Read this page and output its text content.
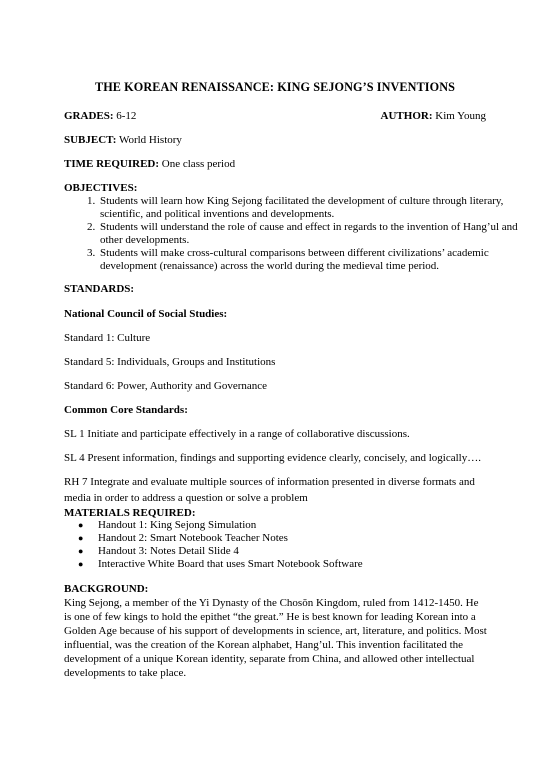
THE KOREAN RENAISSANCE: KING SEJONG’S INVENTIONS
GRADES: 6-12	AUTHOR: Kim Young
SUBJECT: World History
TIME REQUIRED: One class period
OBJECTIVES:
1. Students will learn how King Sejong facilitated the development of culture through literary, scientific, and political inventions and developments.
2. Students will understand the role of cause and effect in regards to the invention of Hang’ul and other developments.
3. Students will make cross-cultural comparisons between different civilizations’ academic development (renaissance) across the world during the medieval time period.
STANDARDS:
National Council of Social Studies:
Standard 1: Culture
Standard 5: Individuals, Groups and Institutions
Standard 6: Power, Authority and Governance
Common Core Standards:
SL 1 Initiate and participate effectively in a range of collaborative discussions.
SL 4 Present information, findings and supporting evidence clearly, concisely, and logically….
RH 7 Integrate and evaluate multiple sources of information presented in diverse formats and media in order to address a question or solve a problem
MATERIALS REQUIRED:
● Handout 1: King Sejong Simulation
● Handout 2: Smart Notebook Teacher Notes
● Handout 3: Notes Detail Slide 4
● Interactive White Board that uses Smart Notebook Software
BACKGROUND:
King Sejong, a member of the Yi Dynasty of the Chosŏn Kingdom, ruled from 1412-1450. He is one of few kings to hold the epithet “the great.” He is best known for leading Korean into a Golden Age because of his support of developments in science, art, literature, and politics. Most influential, was the creation of the Korean alphabet, Hang’ul. This invention facilitated the development of a unique Korean identity, separate from China, and allowed other intellectual developments to take place.
